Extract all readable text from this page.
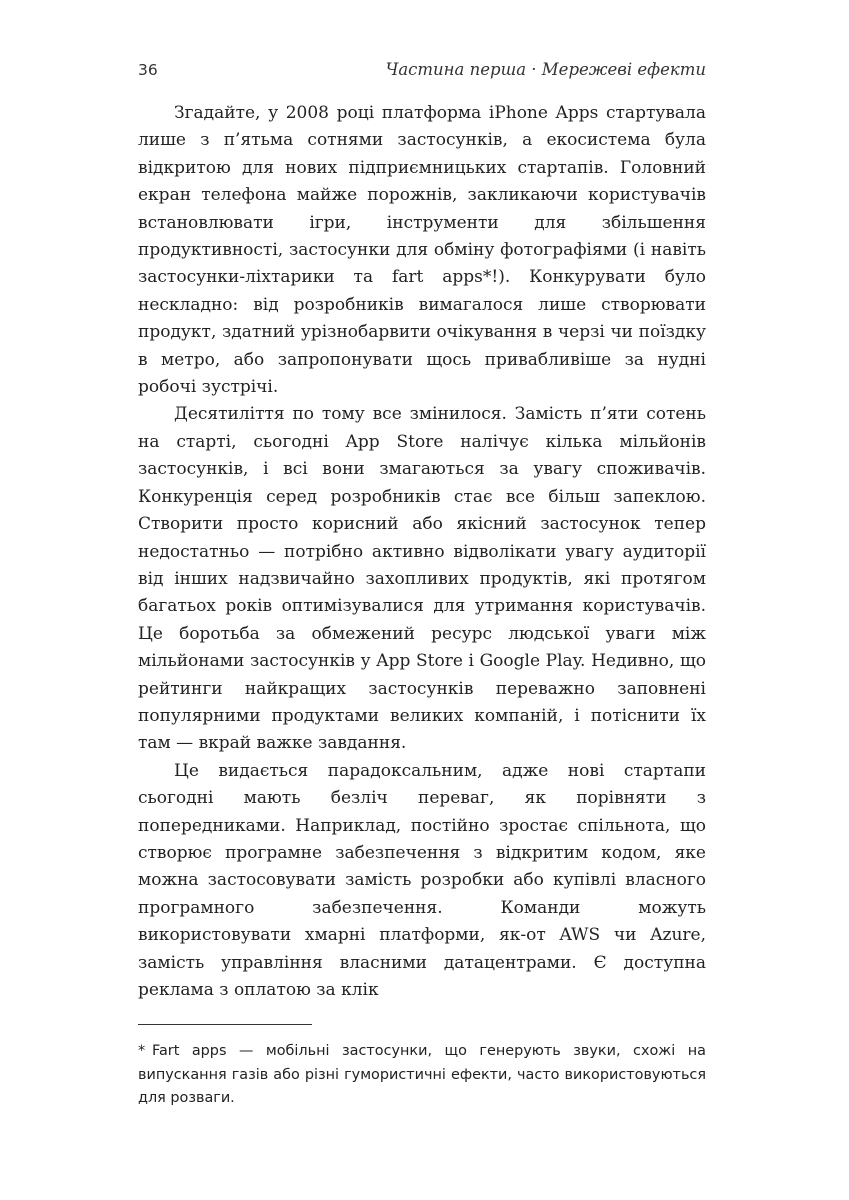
36	Частина перша · Мережеві ефекти

Згадайте, у 2008 році платформа iPhone Apps стартувала лише з п’ятьма сотнями застосунків, а екосистема була відкритою для нових підприємницьких стартапів. Головний екран телефона майже порожнів, закликаючи користувачів встановлювати ігри, інструменти для збільшення продуктивності, застосунки для обміну фотографіями (і навіть застосунки-ліхтарики та fart apps*!). Конкурувати було нескладно: від розробників вимагалося лише створювати продукт, здатний урізнобарвити очікування в черзі чи поїздку в метро, або запропонувати щось привабливіше за нудні робочі зустрічі.

Десятиліття по тому все змінилося. Замість п’яти сотень на старті, сьогодні App Store налічує кілька мільйонів застосунків, і всі вони змагаються за увагу споживачів. Конкуренція серед розробників стає все більш запеклою. Створити просто корисний або якісний застосунок тепер недостатньо — потрібно активно відволікати увагу аудиторії від інших надзвичайно захопливих продуктів, які протягом багатьох років оптимізувалися для утримання користувачів. Це боротьба за обмежений ресурс людської уваги між мільйонами застосунків у App Store і Google Play. Недивно, що рейтинги найкращих застосунків переважно заповнені популярними продуктами великих компаній, і потіснити їх там — вкрай важке завдання.

Це видається парадоксальним, адже нові стартапи сьогодні мають безліч переваг, як порівняти з попередниками. Наприклад, постійно зростає спільнота, що створює програмне забезпечення з відкритим кодом, яке можна застосовувати замість розробки або купівлі власного програмного забезпечення. Команди можуть використовувати хмарні платформи, як-от AWS чи Azure, замість управління власними датацентрами. Є доступна реклама з оплатою за клік

* Fart apps — мобільні застосунки, що генерують звуки, схожі на випускання газів або різні гумористичні ефекти, часто використовуються для розваги.
